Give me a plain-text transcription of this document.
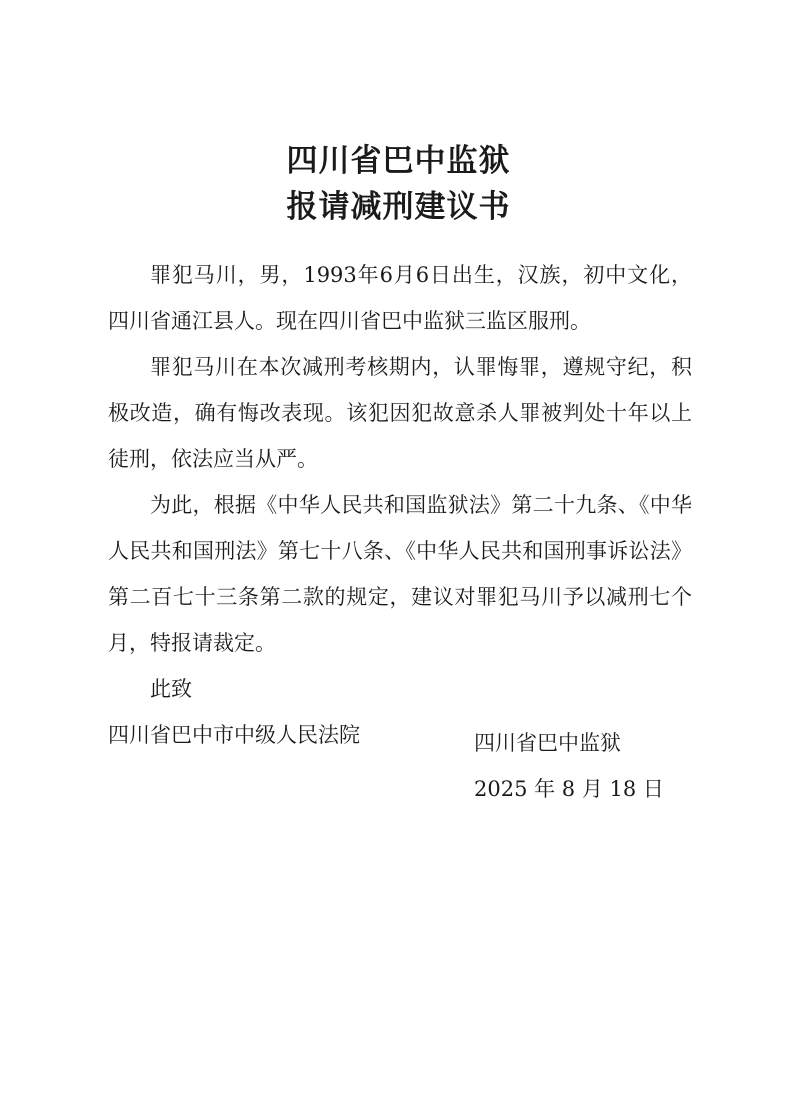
四川省巴中监狱
报请减刑建议书

罪犯马川，男，1993年6月6日出生，汉族，初中文化，四川省通江县人。现在四川省巴中监狱三监区服刑。

罪犯马川在本次减刑考核期内，认罪悔罪，遵规守纪，积极改造，确有悔改表现。该犯因犯故意杀人罪被判处十年以上徒刑，依法应当从严。

为此，根据《中华人民共和国监狱法》第二十九条、《中华人民共和国刑法》第七十八条、《中华人民共和国刑事诉讼法》第二百七十三条第二款的规定，建议对罪犯马川予以减刑七个月，特报请裁定。

此致

四川省巴中市中级人民法院	四川省巴中监狱
2025 年 8 月 18 日
